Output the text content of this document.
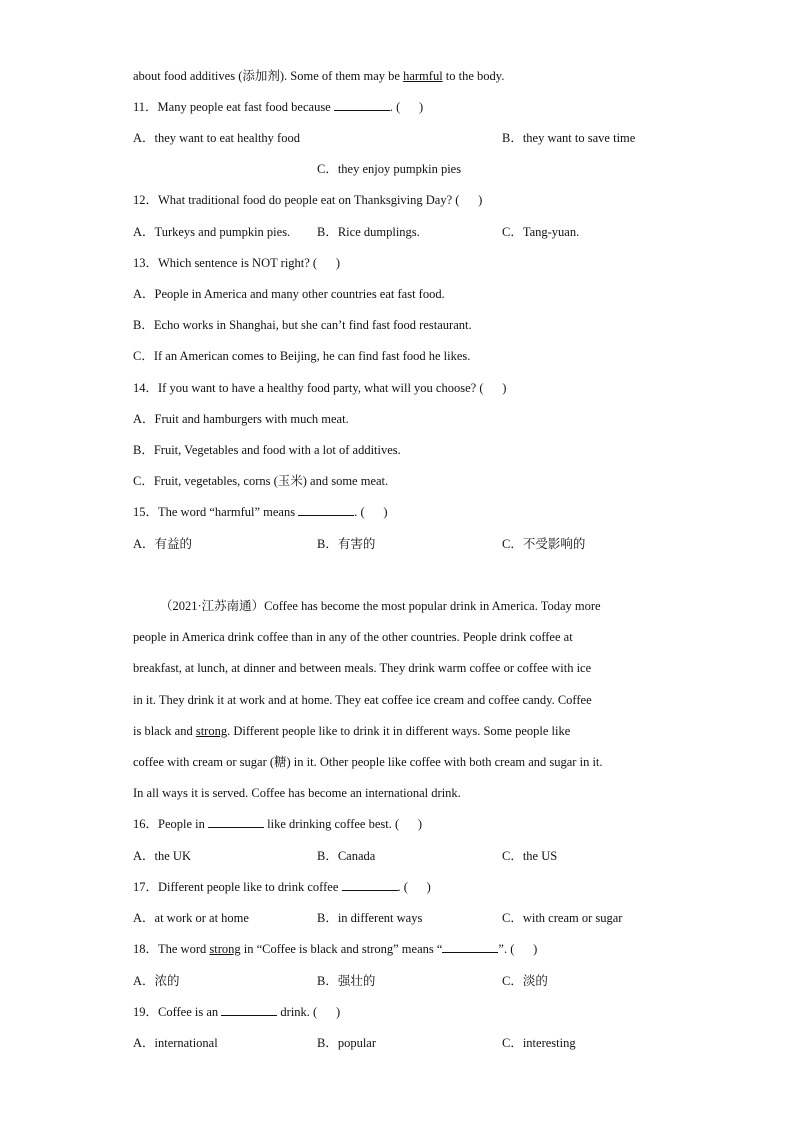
about food additives (添加剂). Some of them may be harmful to the body.
11．Many people eat fast food because	. (      )
A．they want to eat healthy food	B．they want to save time
C．they enjoy pumpkin pies
12．What traditional food do people eat on Thanksgiving Day? (      )
A．Turkeys and pumpkin pies. B．Rice dumplings.	C．Tang-yuan.
13．Which sentence is NOT right? (      )
A．People in America and many other countries eat fast food.
B．Echo works in Shanghai, but she can’t find fast food restaurant.
C．If an American comes to Beijing, he can find fast food he likes.
14．If you want to have a healthy food party, what will you choose? (      )
A．Fruit and hamburgers with much meat.
B．Fruit, Vegetables and food with a lot of additives.
C．Fruit, vegetables, corns (玉米) and some meat.
15．The word “harmful” means	. (      )
A．有益的	B．有害的	C．不受影响的
（2021·江苏南通）Coffee has become the most popular drink in America. Today more
people in America drink coffee than in any of the other countries. People drink coffee at
breakfast, at lunch, at dinner and between meals. They drink warm coffee or coffee with ice
in it. They drink it at work and at home. They eat coffee ice cream and coffee candy. Coffee
is black and strong. Different people like to drink it in different ways. Some people like
coffee with cream or sugar (糖) in it. Other people like coffee with both cream and sugar in it.
In all ways it is served. Coffee has become an international drink.
16．People in	like drinking coffee best. (      )
A．the UK	B．Canada	C．the US
17．Different people like to drink coffee	. (      )
A．at work or at home	B．in different ways	C．with cream or sugar
18．The word strong in “Coffee is black and strong” means “	”. (      )
A．浓的	B．强壮的	C．淡的
19．Coffee is an	drink. (      )
A．international	B．popular	C．interesting
